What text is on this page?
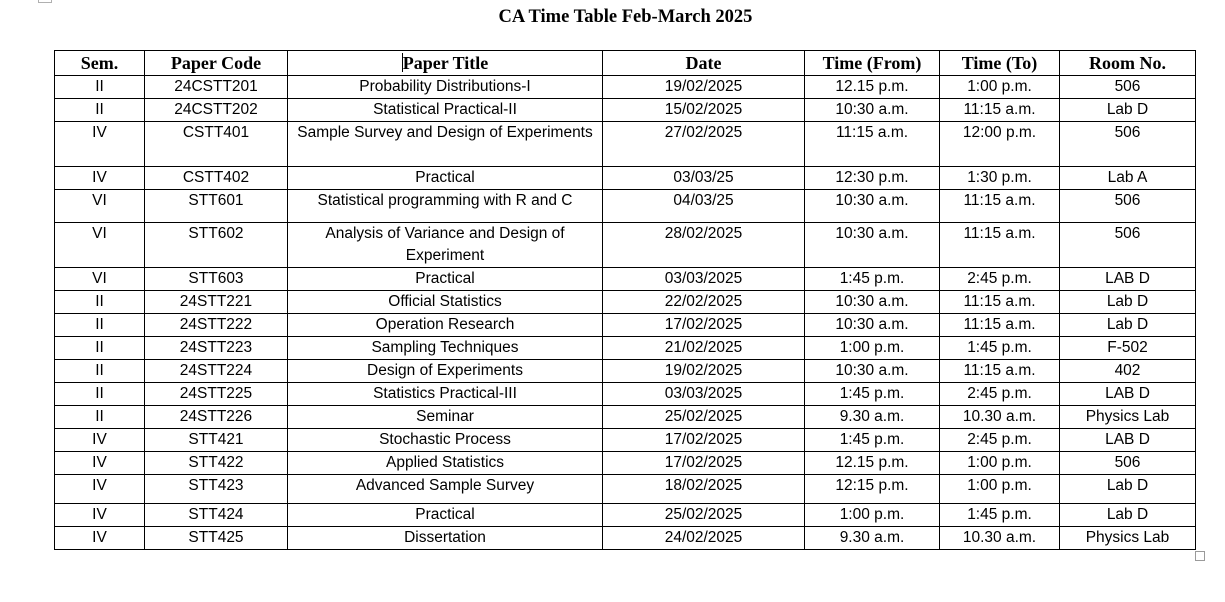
CA Time Table Feb-March 2025
Sem.	Paper Code	Paper Title	Date	Time (From)	Time (To)	Room No.
II	24CSTT201	Probability Distributions-I	19/02/2025	12.15 p.m.	1:00 p.m.	506
II	24CSTT202	Statistical Practical-II	15/02/2025	10:30 a.m.	11:15 a.m.	Lab D
IV	CSTT401	Sample Survey and Design of Experiments	27/02/2025	11:15 a.m.	12:00 p.m.	506
IV	CSTT402	Practical	03/03/25	12:30 p.m.	1:30 p.m.	Lab A
VI	STT601	Statistical programming with R and C	04/03/25	10:30 a.m.	11:15 a.m.	506
VI	STT602	Analysis of Variance and Design of Experiment	28/02/2025	10:30 a.m.	11:15 a.m.	506
VI	STT603	Practical	03/03/2025	1:45 p.m.	2:45 p.m.	LAB D
II	24STT221	Official Statistics	22/02/2025	10:30 a.m.	11:15 a.m.	Lab D
II	24STT222	Operation Research	17/02/2025	10:30 a.m.	11:15 a.m.	Lab D
II	24STT223	Sampling Techniques	21/02/2025	1:00 p.m.	1:45 p.m.	F-502
II	24STT224	Design of Experiments	19/02/2025	10:30 a.m.	11:15 a.m.	402
II	24STT225	Statistics Practical-III	03/03/2025	1:45 p.m.	2:45 p.m.	LAB D
II	24STT226	Seminar	25/02/2025	9.30 a.m.	10.30 a.m.	Physics Lab
IV	STT421	Stochastic Process	17/02/2025	1:45 p.m.	2:45 p.m.	LAB D
IV	STT422	Applied Statistics	17/02/2025	12.15 p.m.	1:00 p.m.	506
IV	STT423	Advanced Sample Survey	18/02/2025	12:15 p.m.	1:00 p.m.	Lab D
IV	STT424	Practical	25/02/2025	1:00 p.m.	1:45 p.m.	Lab D
IV	STT425	Dissertation	24/02/2025	9.30 a.m.	10.30 a.m.	Physics Lab
